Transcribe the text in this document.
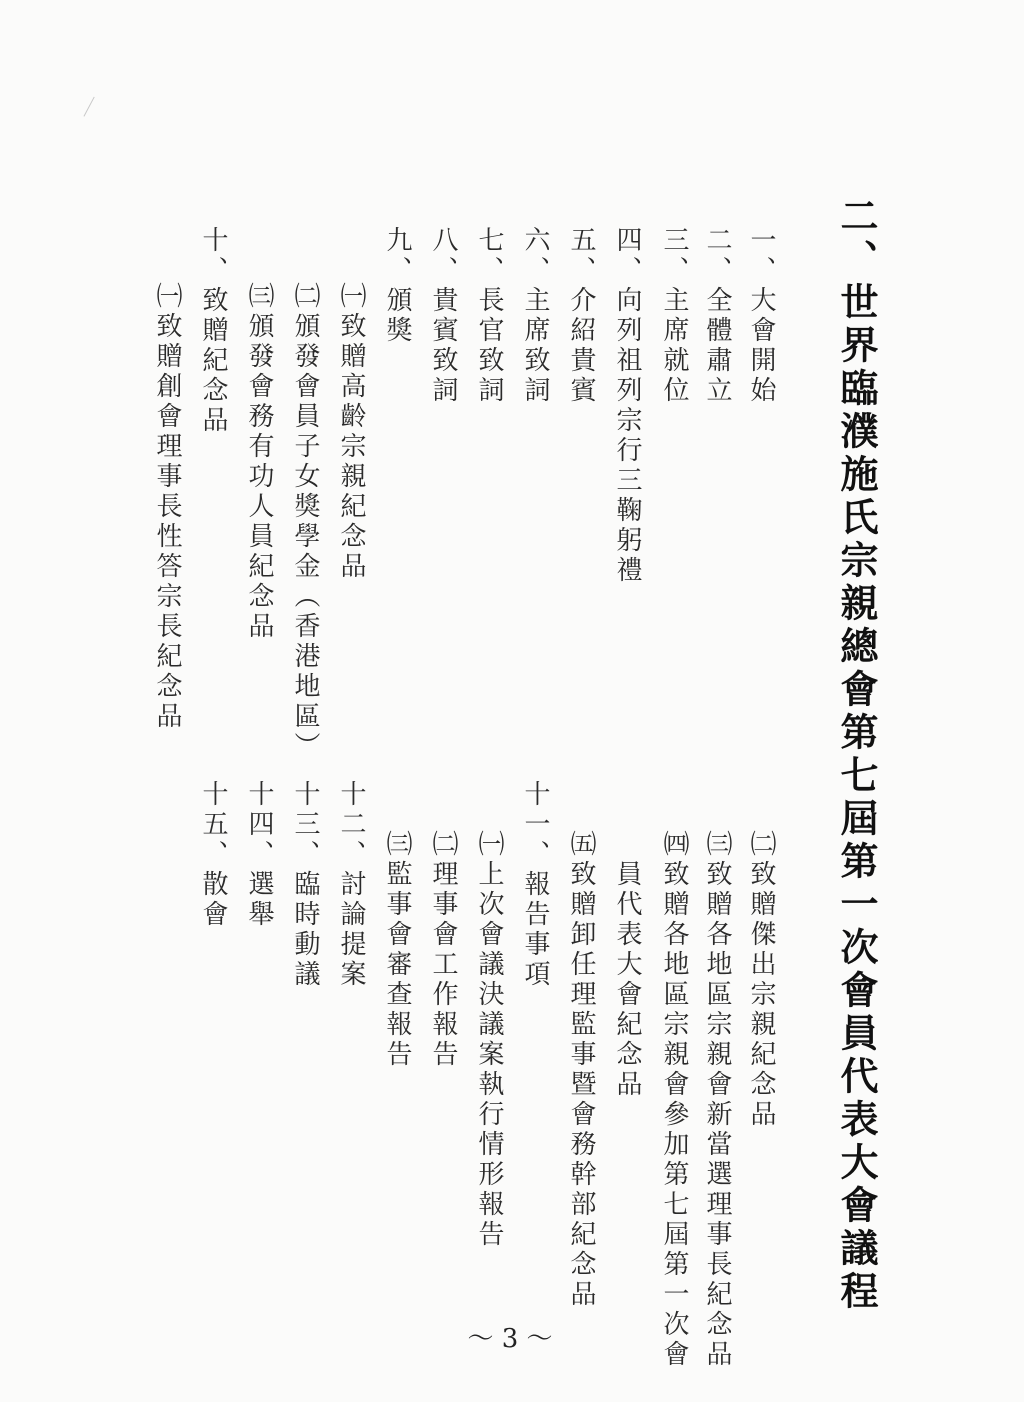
二、世界臨濮施氏宗親總會第七屆第一次會員代表大會議程
一、大會開始
二、全體肅立
三、主席就位
四、向列祖列宗行三鞠躬禮
五、介紹貴賓
六、主席致詞
七、長官致詞
八、貴賓致詞
九、頒獎
㈠致贈高齡宗親紀念品
㈡頒發會員子女獎學金（香港地區）
㈢頒發會務有功人員紀念品
十、致贈紀念品
㈠致贈創會理事長性答宗長紀念品
㈡致贈傑出宗親紀念品
㈢致贈各地區宗親會新當選理事長紀念品
㈣致贈各地區宗親會參加第七屆第一次會
員代表大會紀念品
㈤致贈卸任理監事暨會務幹部紀念品
十一、報告事項
㈠上次會議決議案執行情形報告
㈡理事會工作報告
㈢監事會審查報告
十二、討論提案
十三、臨時動議
十四、選舉
十五、散會
～ 3 ～
